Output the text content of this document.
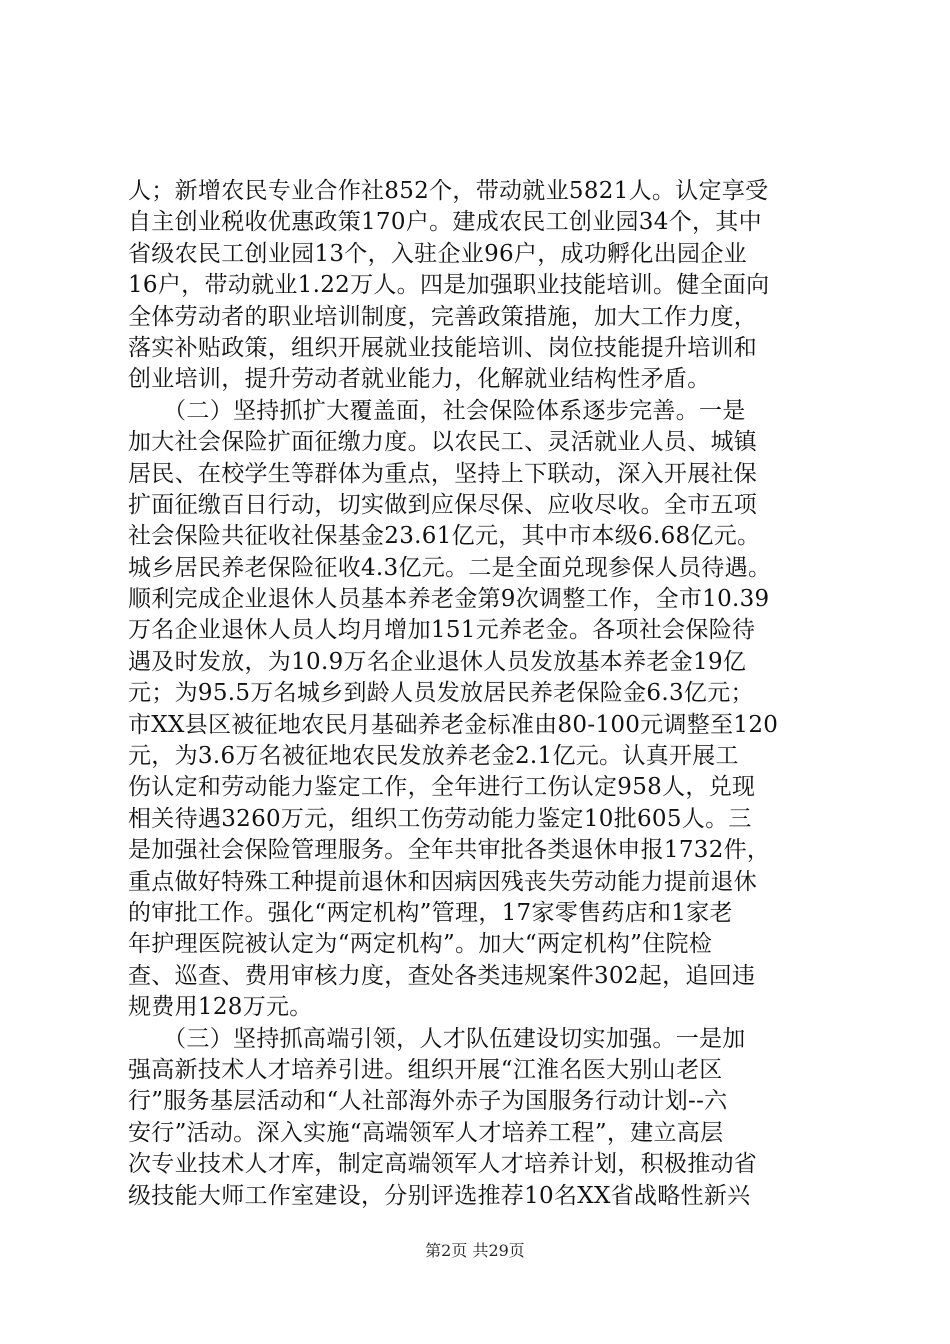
人；新增农民专业合作社852个，带动就业5821人。认定享受
自主创业税收优惠政策170户。建成农民工创业园34个，其中
省级农民工创业园13个，入驻企业96户，成功孵化出园企业
16户，带动就业1.22万人。四是加强职业技能培训。健全面向
全体劳动者的职业培训制度，完善政策措施，加大工作力度，
落实补贴政策，组织开展就业技能培训、岗位技能提升培训和
创业培训，提升劳动者就业能力，化解就业结构性矛盾。
　　（二）坚持抓扩大覆盖面，社会保险体系逐步完善。一是
加大社会保险扩面征缴力度。以农民工、灵活就业人员、城镇
居民、在校学生等群体为重点，坚持上下联动，深入开展社保
扩面征缴百日行动，切实做到应保尽保、应收尽收。全市五项
社会保险共征收社保基金23.61亿元，其中市本级6.68亿元。
城乡居民养老保险征收4.3亿元。二是全面兑现参保人员待遇。
顺利完成企业退休人员基本养老金第9次调整工作，全市10.39
万名企业退休人员人均月增加151元养老金。各项社会保险待
遇及时发放，为10.9万名企业退休人员发放基本养老金19亿
元；为95.5万名城乡到龄人员发放居民养老保险金6.3亿元；
市XX县区被征地农民月基础养老金标准由80-100元调整至120
元，为3.6万名被征地农民发放养老金2.1亿元。认真开展工
伤认定和劳动能力鉴定工作，全年进行工伤认定958人，兑现
相关待遇3260万元，组织工伤劳动能力鉴定10批605人。三
是加强社会保险管理服务。全年共审批各类退休申报1732件，
重点做好特殊工种提前退休和因病因残丧失劳动能力提前退休
的审批工作。强化“两定机构”管理，17家零售药店和1家老
年护理医院被认定为“两定机构”。加大“两定机构”住院检
查、巡查、费用审核力度，查处各类违规案件302起，追回违
规费用128万元。
　　（三）坚持抓高端引领，人才队伍建设切实加强。一是加
强高新技术人才培养引进。组织开展“江淮名医大别山老区
行”服务基层活动和“人社部海外赤子为国服务行动计划--六
安行”活动。深入实施“高端领军人才培养工程”，建立高层
次专业技术人才库，制定高端领军人才培养计划，积极推动省
级技能大师工作室建设，分别评选推荐10名XX省战略性新兴
第2页 共29页
